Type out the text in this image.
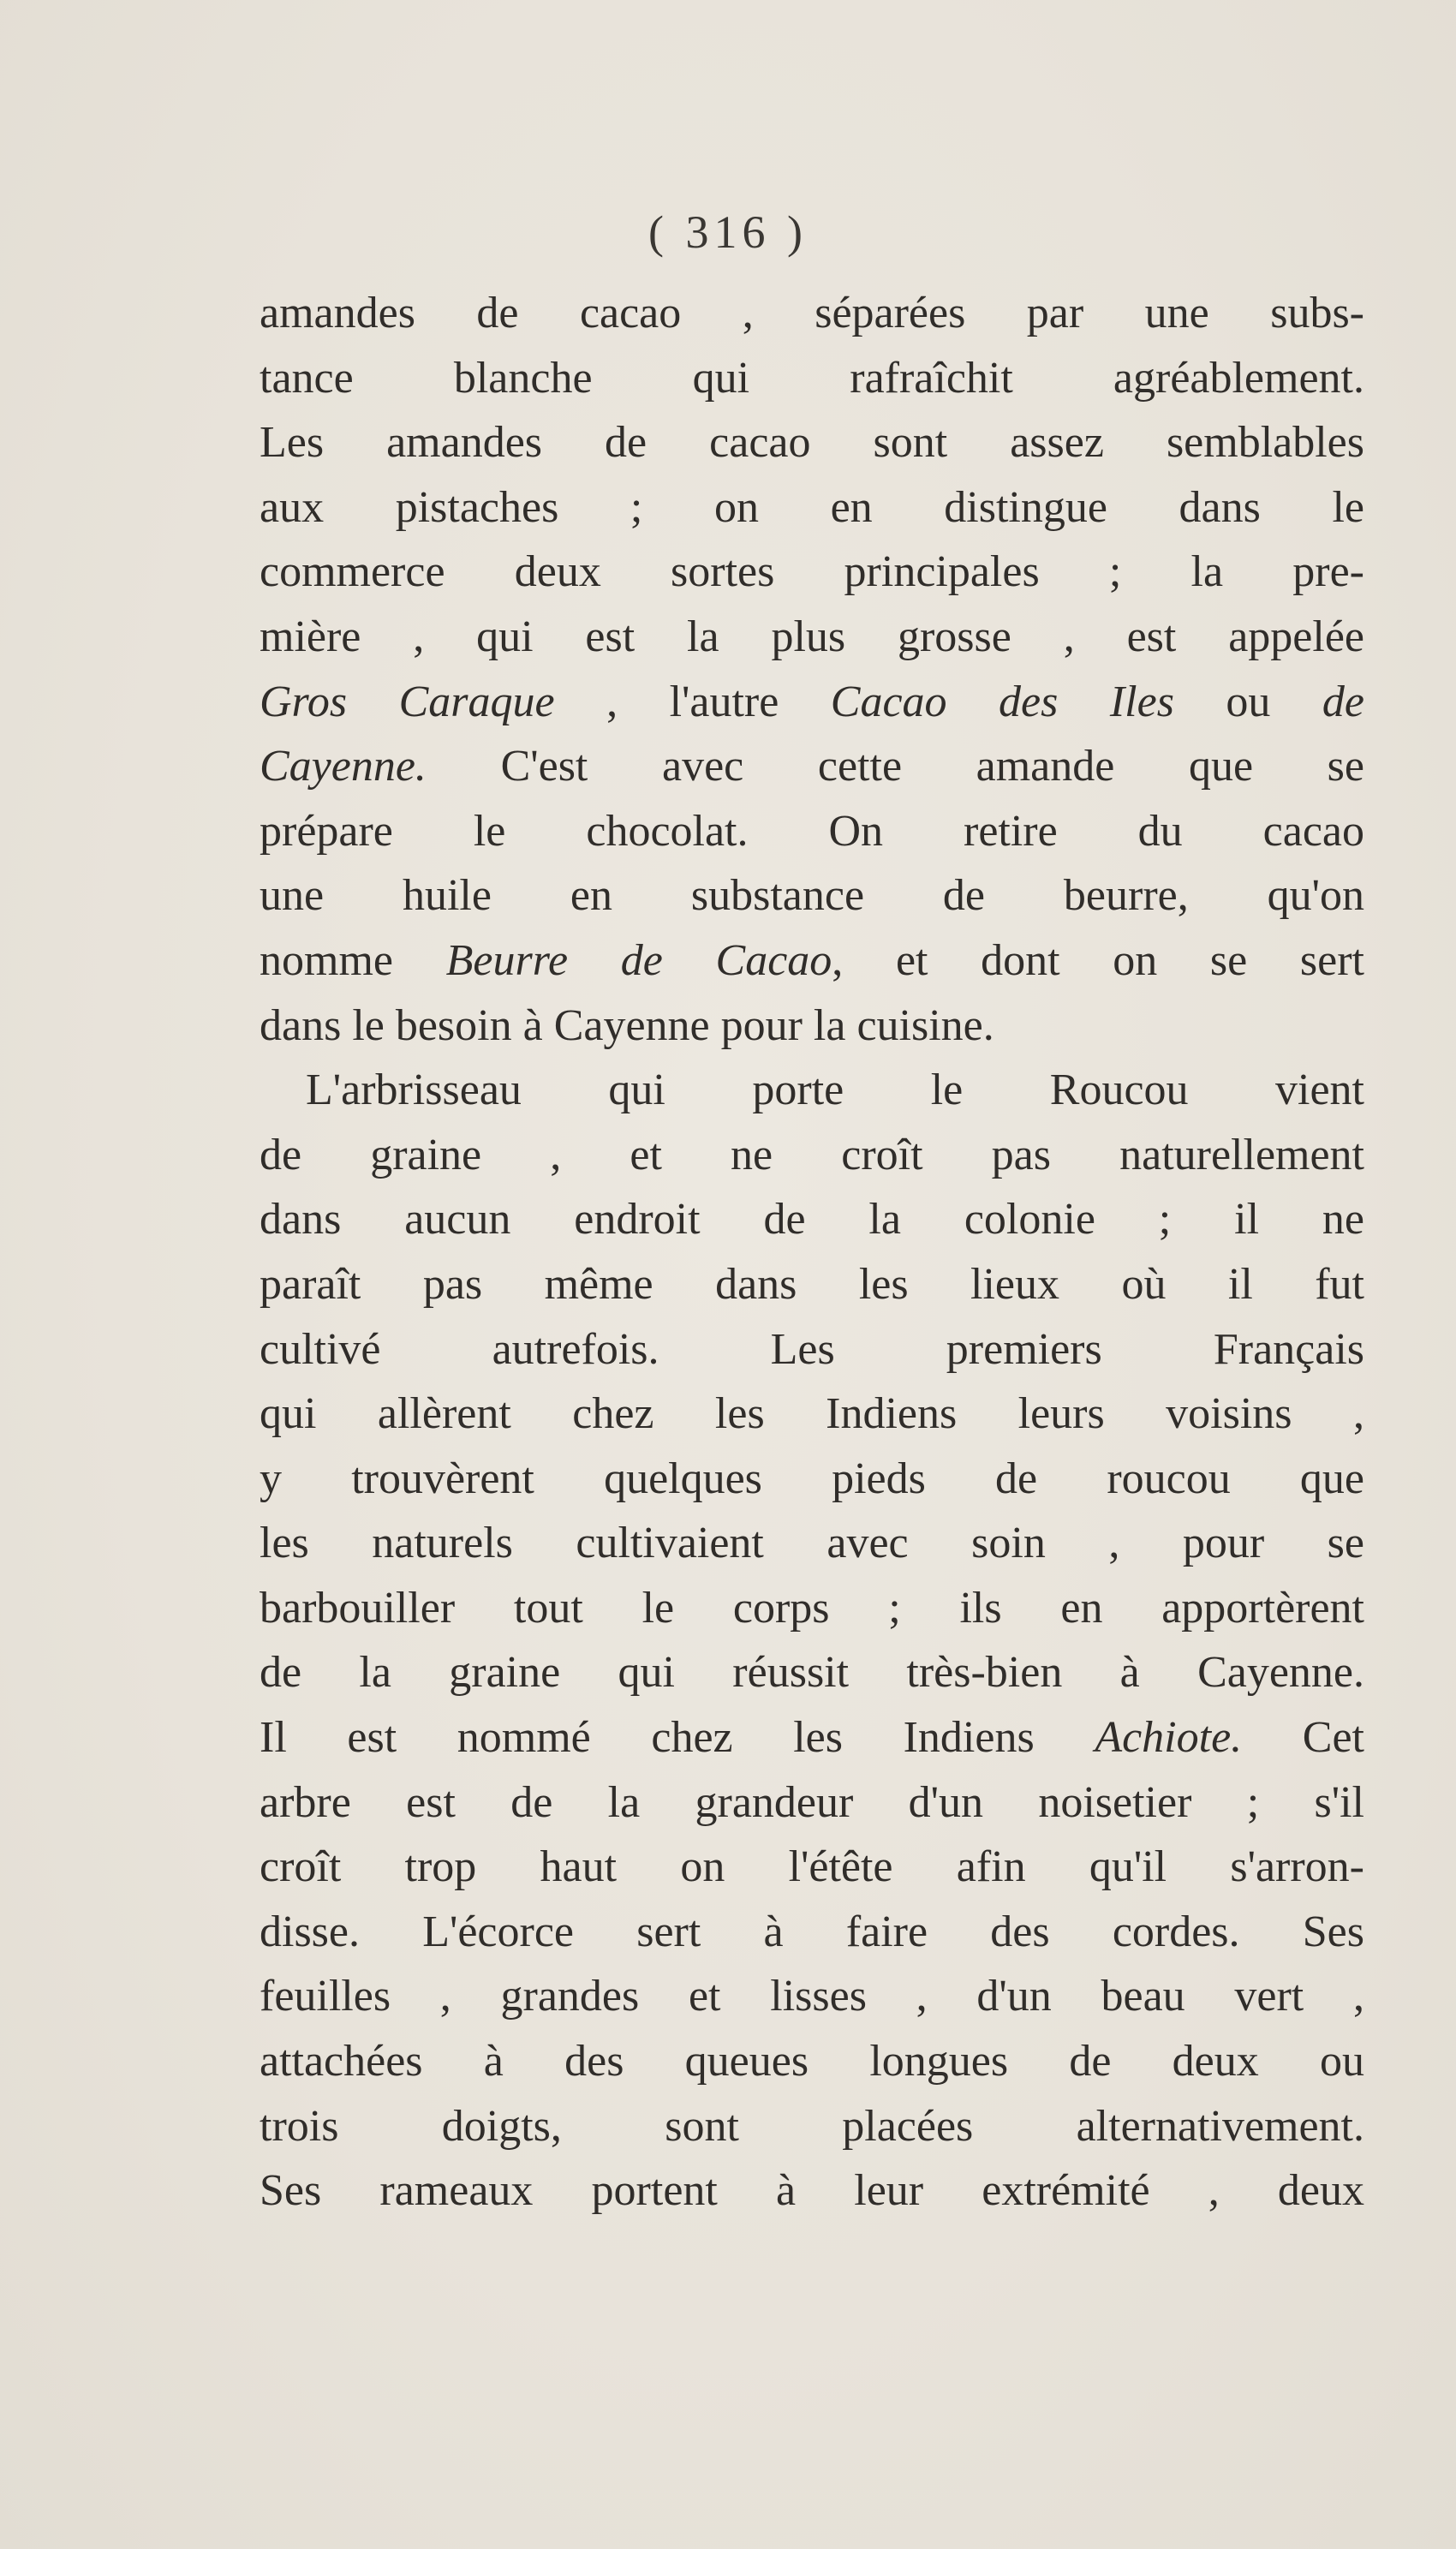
( 316 )
amandes de cacao , séparées par une subs-
tance blanche qui rafraîchit agréablement.
Les amandes de cacao sont assez semblables
aux pistaches ; on en distingue dans le
commerce deux sortes principales ; la pre-
mière , qui est la plus grosse , est appelée
Gros Caraque , l'autre Cacao des Iles ou de
Cayenne. C'est avec cette amande que se
prépare le chocolat. On retire du cacao
une huile en substance de beurre, qu'on
nomme Beurre de Cacao, et dont on se sert
dans le besoin à Cayenne pour la cuisine.
L'arbrisseau qui porte le Roucou vient
de graine , et ne croît pas naturellement
dans aucun endroit de la colonie ; il ne
paraît pas même dans les lieux où il fut
cultivé autrefois. Les premiers Français
qui allèrent chez les Indiens leurs voisins ,
y trouvèrent quelques pieds de roucou que
les naturels cultivaient avec soin , pour se
barbouiller tout le corps ; ils en apportèrent
de la graine qui réussit très-bien à Cayenne.
Il est nommé chez les Indiens Achiote. Cet
arbre est de la grandeur d'un noisetier ; s'il
croît trop haut on l'étête afin qu'il s'arron-
disse. L'écorce sert à faire des cordes. Ses
feuilles , grandes et lisses , d'un beau vert ,
attachées à des queues longues de deux ou
trois doigts, sont placées alternativement.
Ses rameaux portent à leur extrémité , deux
